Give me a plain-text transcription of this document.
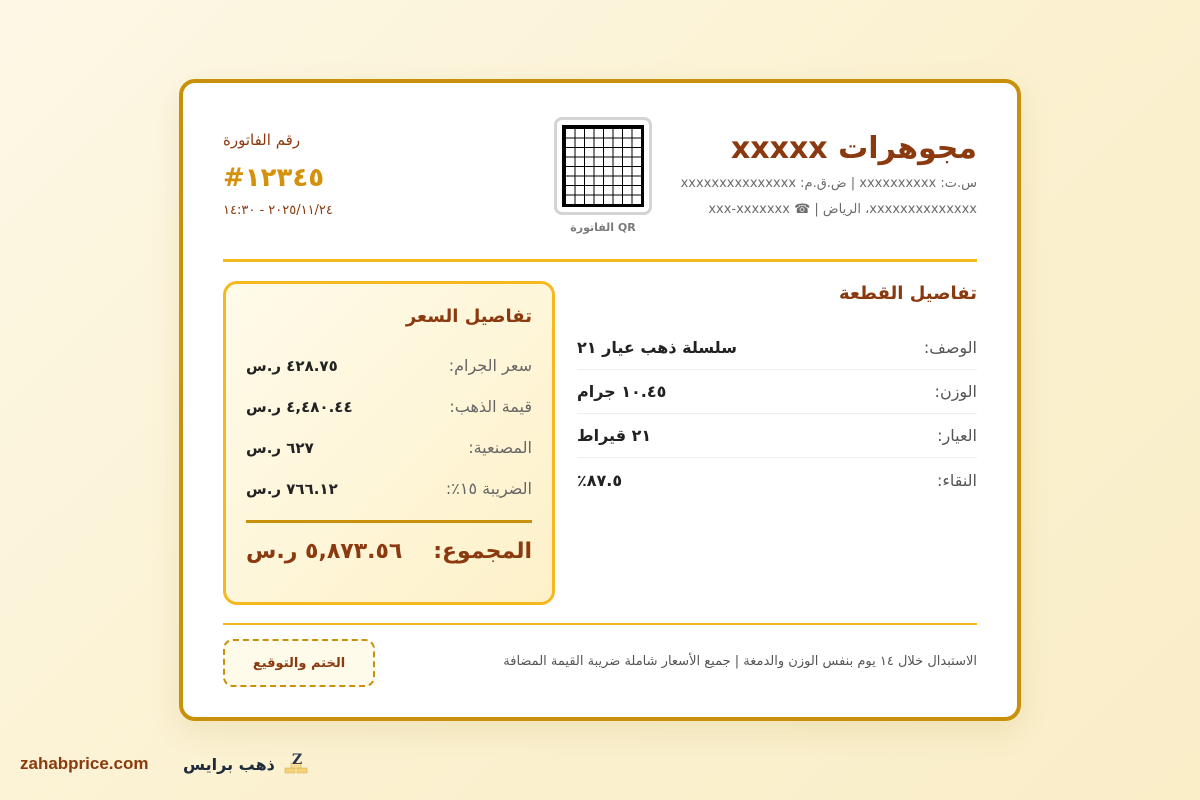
مجوهرات xxxxx
س.ت: xxxxxxxxxx | ض.ق.م: xxxxxxxxxxxxxxx
xxxxxxxxxxxxxx، الرياض | ☎ xxx-xxxxxxx
QR الفاتورة
رقم الفاتورة
#١٢٣٤٥
٢٠٢٥/١١/٢٤ - ١٤:٣٠
تفاصيل القطعة
الوصف:
سلسلة ذهب عيار ٢١
الوزن:
١٠.٤٥ جرام
العيار:
٢١ قيراط
النقاء:
٨٧.٥٪
تفاصيل السعر
سعر الجرام:
٤٢٨.٧٥ ر.س
قيمة الذهب:
٤,٤٨٠.٤٤ ر.س
المصنعية:
٦٢٧ ر.س
الضريبة ١٥٪:
٧٦٦.١٢ ر.س
المجموع:
٥,٨٧٣.٥٦ ر.س
الاستبدال خلال ١٤ يوم بنفس الوزن والدمغة | جميع الأسعار شاملة ضريبة القيمة المضافة
الختم والتوقيع
zahabprice.com ذهب برايس Z
